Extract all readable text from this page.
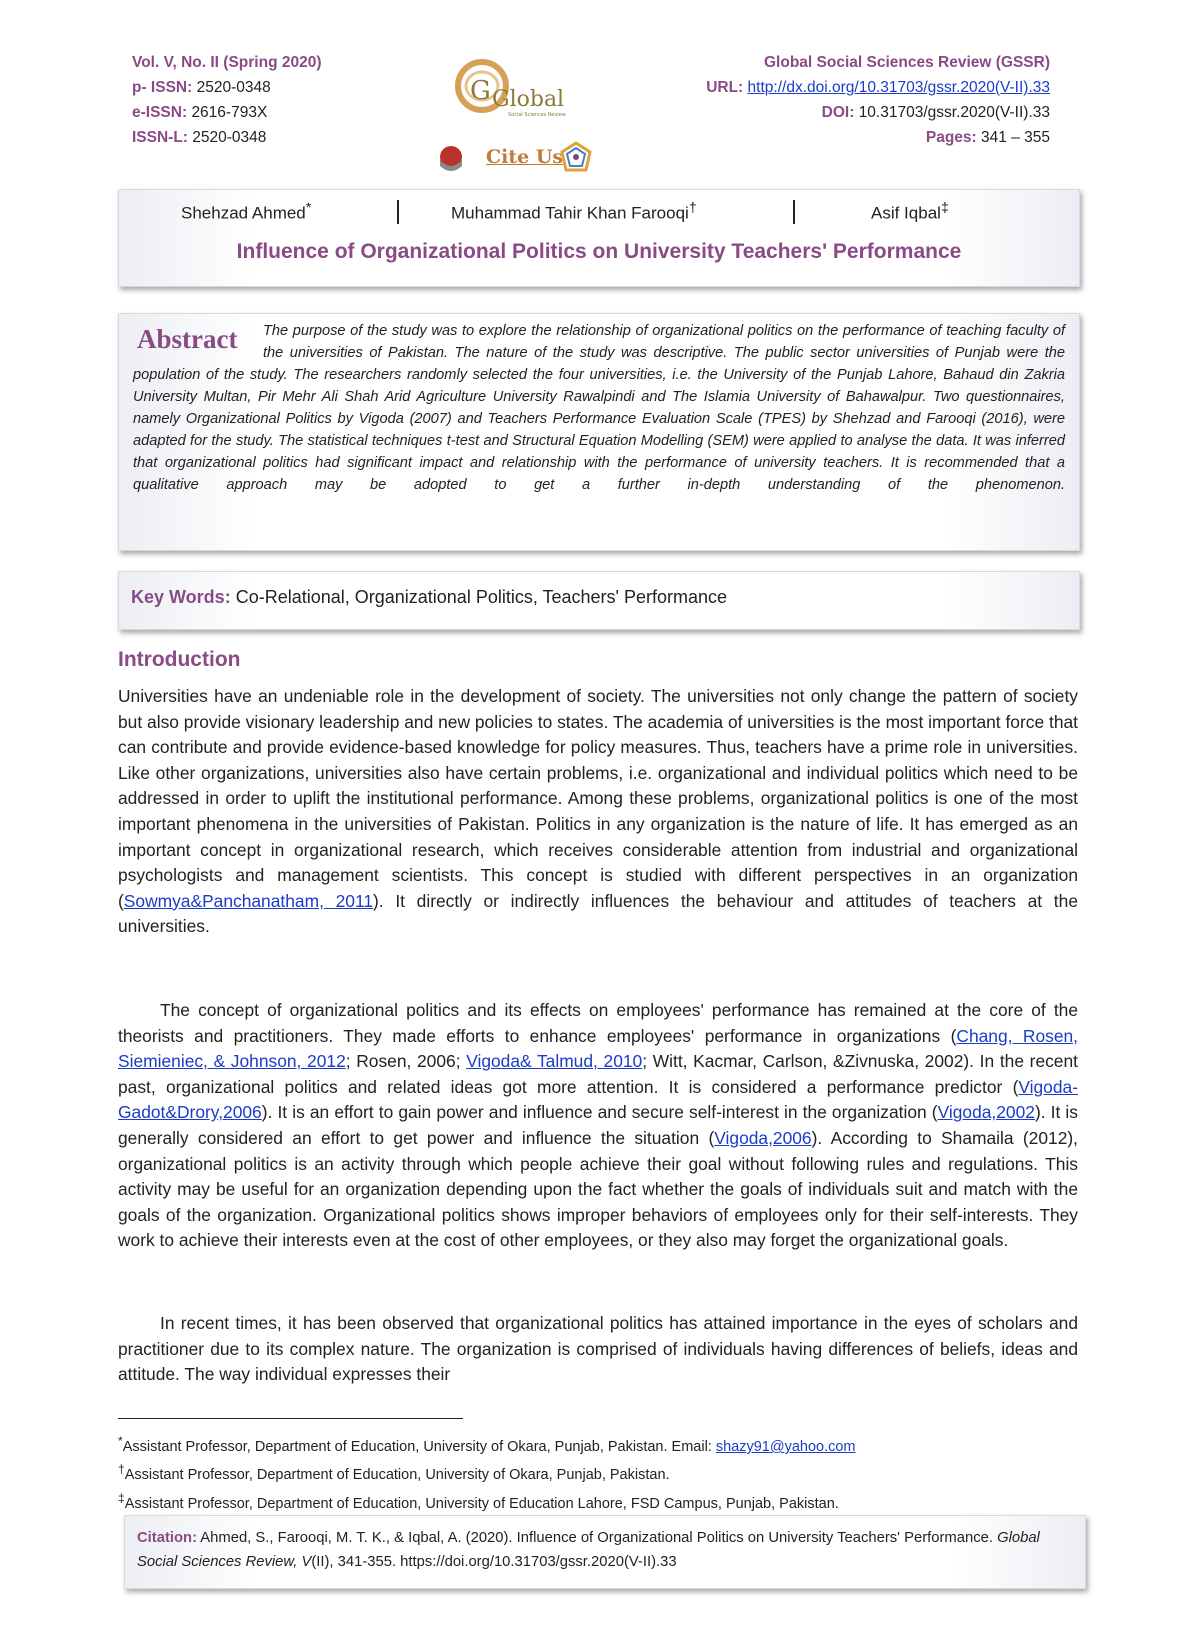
Vol. V, No. II (Spring 2020)
p- ISSN: 2520-0348
e-ISSN: 2616-793X
ISSN-L: 2520-0348
G Global
Social Sciences Review
Cite Us
Global Social Sciences Review (GSSR)
URL: http://dx.doi.org/10.31703/gssr.2020(V-II).33
DOI: 10.31703/gssr.2020(V-II).33
Pages: 341 – 355
Shehzad Ahmed*	Muhammad Tahir Khan Farooqi†	Asif Iqbal‡
Influence of Organizational Politics on University Teachers' Performance
Abstract	The purpose of the study was to explore the relationship of organizational politics on the performance of teaching faculty of the universities of Pakistan. The nature of the study was descriptive. The public sector universities of Punjab were the population of the study. The researchers randomly selected the four universities, i.e. the University of the Punjab Lahore, Bahaud din Zakria University Multan, Pir Mehr Ali Shah Arid Agriculture University Rawalpindi and The Islamia University of Bahawalpur. Two questionnaires, namely Organizational Politics by Vigoda (2007) and Teachers Performance Evaluation Scale (TPES) by Shehzad and Farooqi (2016), were adapted for the study. The statistical techniques t-test and Structural Equation Modelling (SEM) were applied to analyse the data. It was inferred that organizational politics had significant impact and relationship with the performance of university teachers. It is recommended that a qualitative approach may be adopted to get a further in-depth understanding of the phenomenon.
Key Words: Co-Relational, Organizational Politics, Teachers' Performance
Introduction
Universities have an undeniable role in the development of society. The universities not only change the pattern of society but also provide visionary leadership and new policies to states. The academia of universities is the most important force that can contribute and provide evidence-based knowledge for policy measures. Thus, teachers have a prime role in universities. Like other organizations, universities also have certain problems, i.e. organizational and individual politics which need to be addressed in order to uplift the institutional performance. Among these problems, organizational politics is one of the most important phenomena in the universities of Pakistan. Politics in any organization is the nature of life. It has emerged as an important concept in organizational research, which receives considerable attention from industrial and organizational psychologists and management scientists. This concept is studied with different perspectives in an organization (Sowmya&Panchanatham, 2011). It directly or indirectly influences the behaviour and attitudes of teachers at the universities.
The concept of organizational politics and its effects on employees' performance has remained at the core of the theorists and practitioners. They made efforts to enhance employees' performance in organizations (Chang, Rosen, Siemieniec, & Johnson, 2012; Rosen, 2006; Vigoda& Talmud, 2010; Witt, Kacmar, Carlson, &Zivnuska, 2002). In the recent past, organizational politics and related ideas got more attention. It is considered a performance predictor (Vigoda-Gadot&Drory,2006). It is an effort to gain power and influence and secure self-interest in the organization (Vigoda,2002). It is generally considered an effort to get power and influence the situation (Vigoda,2006). According to Shamaila (2012), organizational politics is an activity through which people achieve their goal without following rules and regulations. This activity may be useful for an organization depending upon the fact whether the goals of individuals suit and match with the goals of the organization. Organizational politics shows improper behaviors of employees only for their self-interests. They work to achieve their interests even at the cost of other employees, or they also may forget the organizational goals.
In recent times, it has been observed that organizational politics has attained importance in the eyes of scholars and practitioner due to its complex nature. The organization is comprised of individuals having differences of beliefs, ideas and attitude. The way individual expresses their
*Assistant Professor, Department of Education, University of Okara, Punjab, Pakistan. Email: shazy91@yahoo.com
†Assistant Professor, Department of Education, University of Okara, Punjab, Pakistan.
‡Assistant Professor, Department of Education, University of Education Lahore, FSD Campus, Punjab, Pakistan.
Citation: Ahmed, S., Farooqi, M. T. K., & Iqbal, A. (2020). Influence of Organizational Politics on University Teachers' Performance. Global Social Sciences Review, V(II), 341-355. https://doi.org/10.31703/gssr.2020(V-II).33
